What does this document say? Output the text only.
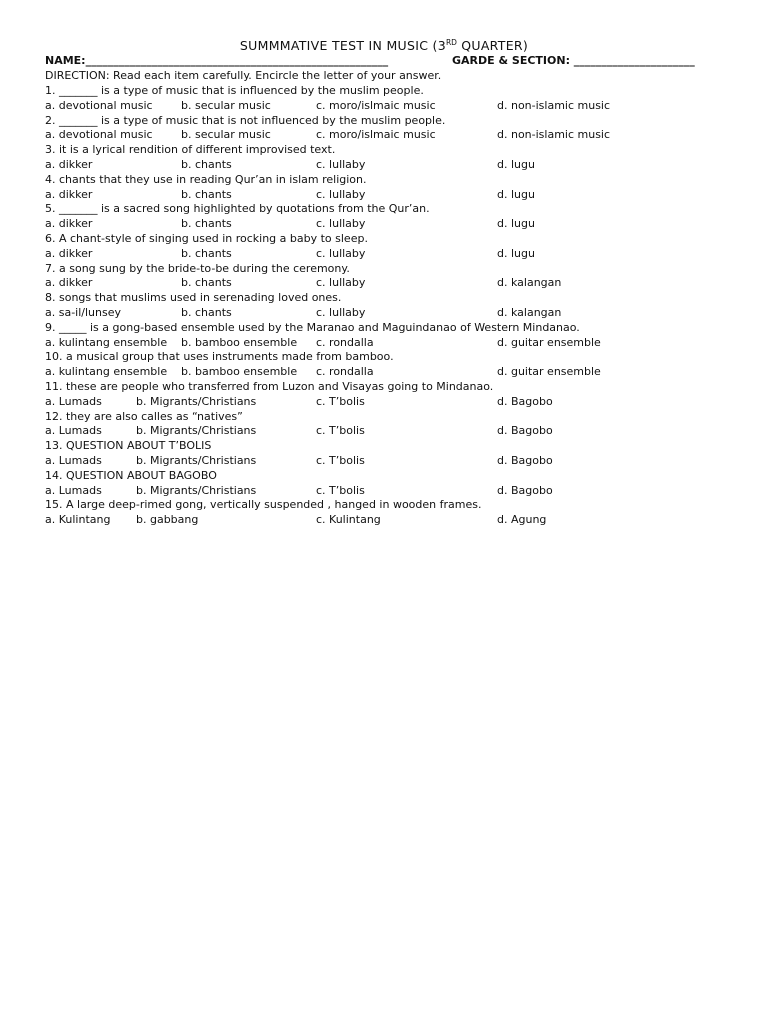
SUMMMATIVE TEST IN MUSIC (3RD QUARTER)
NAME:_______________________________________________________	GARDE & SECTION: ______________________
DIRECTION: Read each item carefully. Encircle the letter of your answer.
1. _______ is a type of music that is influenced by the muslim people.
a. devotional music	b. secular music	c. moro/islmaic music	d. non-islamic music
2. _______ is a type of music that is not influenced by the muslim people.
a. devotional music	b. secular music	c. moro/islmaic music	d. non-islamic music
3. it is a lyrical rendition of different improvised text.
a. dikker	b. chants	c. lullaby	d. lugu
4. chants that they use in reading Qur’an in islam religion.
a. dikker	b. chants	c. lullaby	d. lugu
5. _______ is a sacred song highlighted by quotations from the Qur’an.
a. dikker	b. chants	c. lullaby	d. lugu
6. A chant-style of singing used in rocking a baby to sleep.
a. dikker	b. chants	c. lullaby	d. lugu
7. a song sung by the bride-to-be during the ceremony.
a. dikker	b. chants	c. lullaby	d. kalangan
8. songs that muslims used in serenading loved ones.
a. sa-il/lunsey	b. chants	c. lullaby	d. kalangan
9. _____ is a gong-based ensemble used by the Maranao and Maguindanao of Western Mindanao.
a. kulintang ensemble b. bamboo ensemble c. rondalla	d. guitar ensemble
10. a musical group that uses instruments made from bamboo.
a. kulintang ensemble b. bamboo ensemble c. rondalla	d. guitar ensemble
11. these are people who transferred from Luzon and Visayas going to Mindanao.
a. Lumads	b. Migrants/Christians	c. T’bolis	d. Bagobo
12. they are also calles as “natives”
a. Lumads	b. Migrants/Christians	c. T’bolis	d. Bagobo
13. QUESTION ABOUT T’BOLIS
a. Lumads	b. Migrants/Christians	c. T’bolis	d. Bagobo
14. QUESTION ABOUT BAGOBO
a. Lumads	b. Migrants/Christians	c. T’bolis	d. Bagobo
15. A large deep-rimed gong, vertically suspended , hanged in wooden frames.
a. Kulintang b. gabbang	c. Kulintang	d. Agung
